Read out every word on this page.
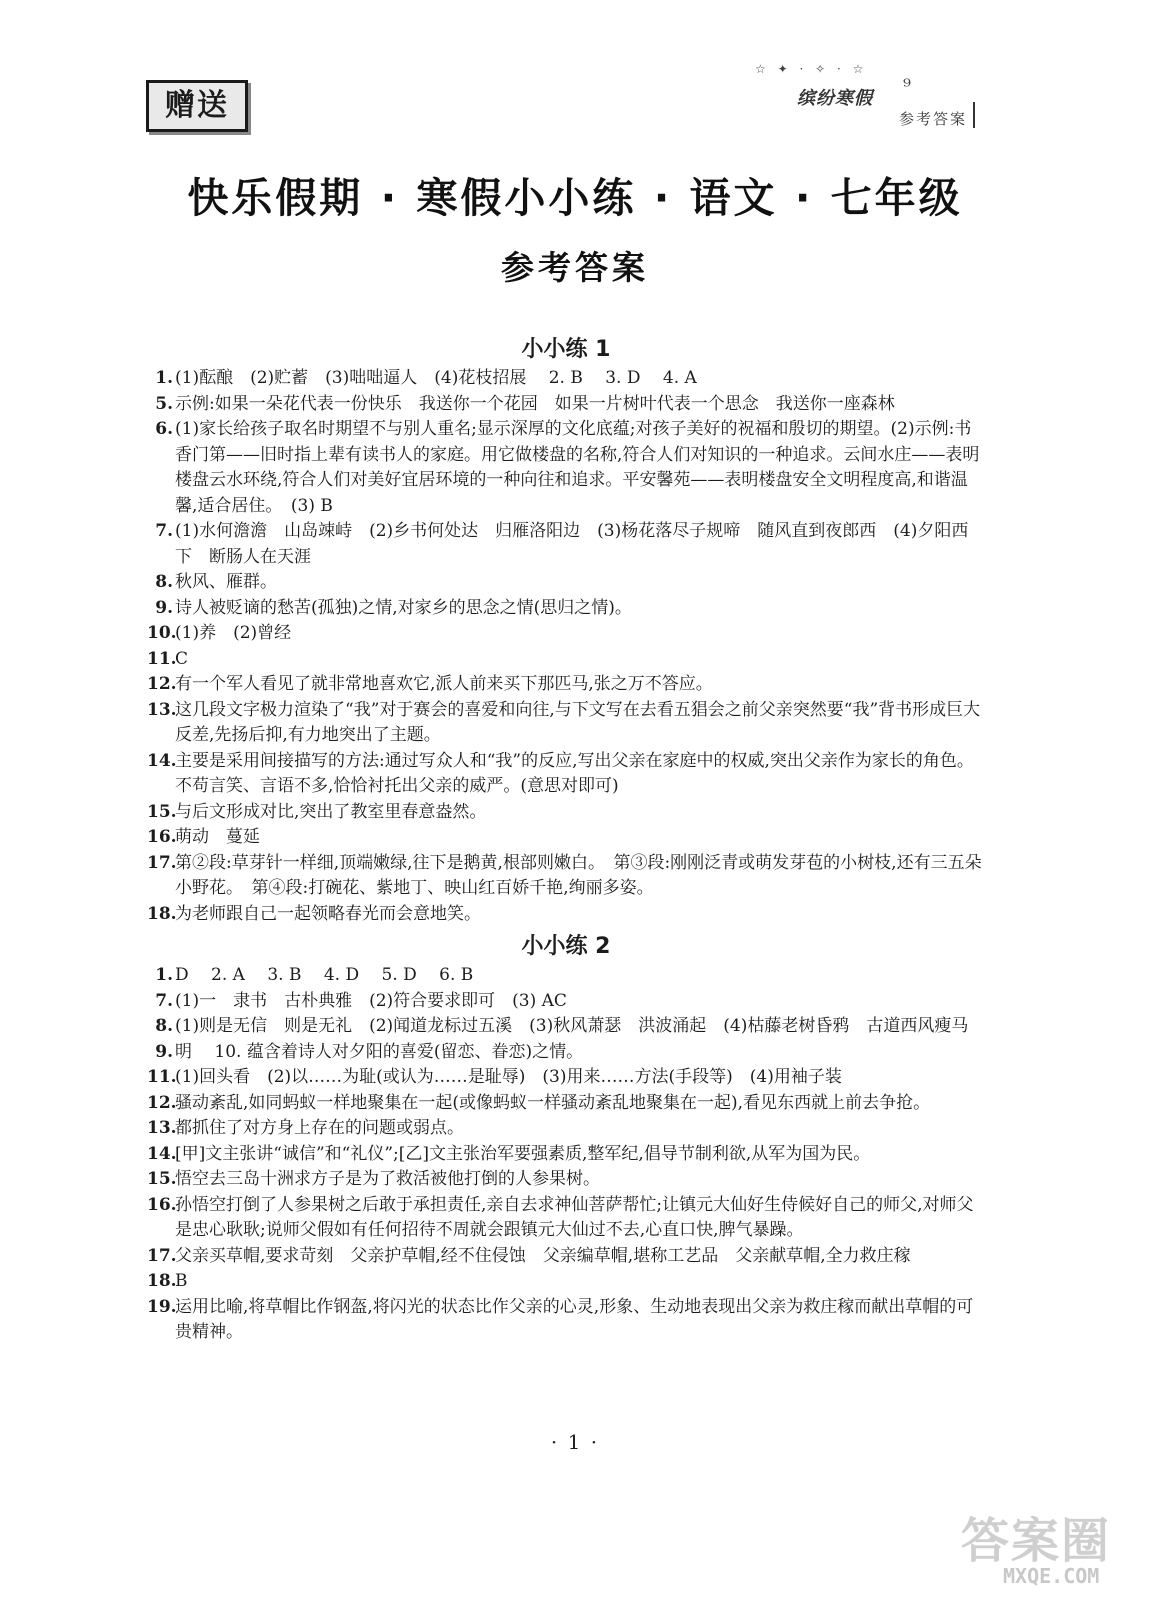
赠送
☆ ✦ · ✧ · ☆
缤纷寒假
⁹
参考答案
快乐假期 · 寒假小小练 · 语文 · 七年级
参考答案
小小练 1
1. (1)酝酿　(2)贮蓄　(3)咄咄逼人　(4)花枝招展　 2. B　 3. D　 4. A
5. 示例:如果一朵花代表一份快乐　我送你一个花园　如果一片树叶代表一个思念　我送你一座森林
6. (1)家长给孩子取名时期望不与别人重名;显示深厚的文化底蕴;对孩子美好的祝福和殷切的期望。(2)示例:书香门第——旧时指上辈有读书人的家庭。用它做楼盘的名称,符合人们对知识的一种追求。云间水庄——表明楼盘云水环绕,符合人们对美好宜居环境的一种向往和追求。平安馨苑——表明楼盘安全文明程度高,和谐温馨,适合居住。　(3) B
7. (1)水何澹澹　山岛竦峙　(2)乡书何处达　归雁洛阳边　(3)杨花落尽子规啼　随风直到夜郎西　(4)夕阳西下　断肠人在天涯
8. 秋风、雁群。
9. 诗人被贬谪的愁苦(孤独)之情,对家乡的思念之情(思归之情)。
10.
(1)养　(2)曾经
11.
C
12.
有一个军人看见了就非常地喜欢它,派人前来买下那匹马,张之万不答应。
13.
这几段文字极力渲染了“我”对于赛会的喜爱和向往,与下文写在去看五猖会之前父亲突然要“我”背书形成巨大反差,先扬后抑,有力地突出了主题。
14.
主要是采用间接描写的方法:通过写众人和“我”的反应,写出父亲在家庭中的权威,突出父亲作为家长的角色。不苟言笑、言语不多,恰恰衬托出父亲的威严。(意思对即可)
15.
与后文形成对比,突出了教室里春意盎然。
16.
萌动　蔓延
17.
第②段:草芽针一样细,顶端嫩绿,往下是鹅黄,根部则嫩白。　第③段:刚刚泛青或萌发芽苞的小树枝,还有三五朵小野花。　第④段:打碗花、紫地丁、映山红百娇千艳,绚丽多姿。
18.
为老师跟自己一起领略春光而会意地笑。
小小练 2
1. D　 2. A　 3. B　 4. D　 5. D　 6. B
7. (1)一　隶书　古朴典雅　(2)符合要求即可　(3) AC
8. (1)则是无信　则是无礼　(2)闻道龙标过五溪　(3)秋风萧瑟　洪波涌起　(4)枯藤老树昏鸦　古道西风瘦马
9. 明　 10. 蕴含着诗人对夕阳的喜爱(留恋、眷恋)之情。
11.
(1)回头看　(2)以……为耻(或认为……是耻辱)　(3)用来……方法(手段等)　(4)用袖子装
12.
骚动紊乱,如同蚂蚁一样地聚集在一起(或像蚂蚁一样骚动紊乱地聚集在一起),看见东西就上前去争抢。
13.
都抓住了对方身上存在的问题或弱点。
14.
[甲]文主张讲“诚信”和“礼仪”;[乙]文主张治军要强素质,整军纪,倡导节制利欲,从军为国为民。
15.
悟空去三岛十洲求方子是为了救活被他打倒的人参果树。
16.
孙悟空打倒了人参果树之后敢于承担责任,亲自去求神仙菩萨帮忙;让镇元大仙好生侍候好自己的师父,对师父是忠心耿耿;说师父假如有任何招待不周就会跟镇元大仙过不去,心直口快,脾气暴躁。
17.
父亲买草帽,要求苛刻　父亲护草帽,经不住侵蚀　父亲编草帽,堪称工艺品　父亲献草帽,全力救庄稼
18.
B
19.
运用比喻,将草帽比作钢盔,将闪光的状态比作父亲的心灵,形象、生动地表现出父亲为救庄稼而献出草帽的可贵精神。
· 1 ·
答案圈
MXQE.COM
